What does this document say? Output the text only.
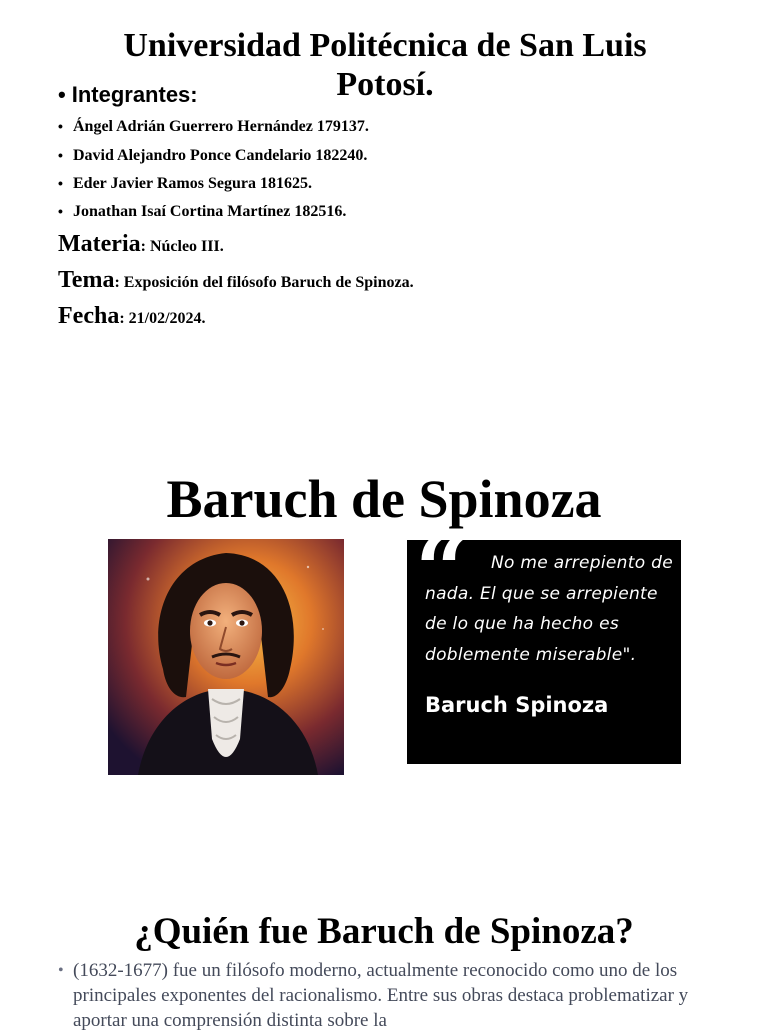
Universidad Politécnica de San Luis Potosí.
• Integrantes:
• Ángel Adrián Guerrero Hernández 179137.
• David Alejandro Ponce Candelario 182240.
• Eder Javier Ramos Segura 181625.
• Jonathan Isaí Cortina Martínez 182516.
Materia: Núcleo III.
Tema: Exposición del filósofo Baruch de Spinoza.
Fecha: 21/02/2024.
Baruch de Spinoza
“	No me arrepiento de nada. El que se arrepiente de lo que ha hecho es doblemente miserable".
Baruch Spinoza
¿Quién fue Baruch de Spinoza?
• (1632-1677) fue un filósofo moderno, actualmente reconocido como uno de los principales exponentes del racionalismo. Entre sus obras destaca problematizar y aportar una comprensión distinta sobre la
